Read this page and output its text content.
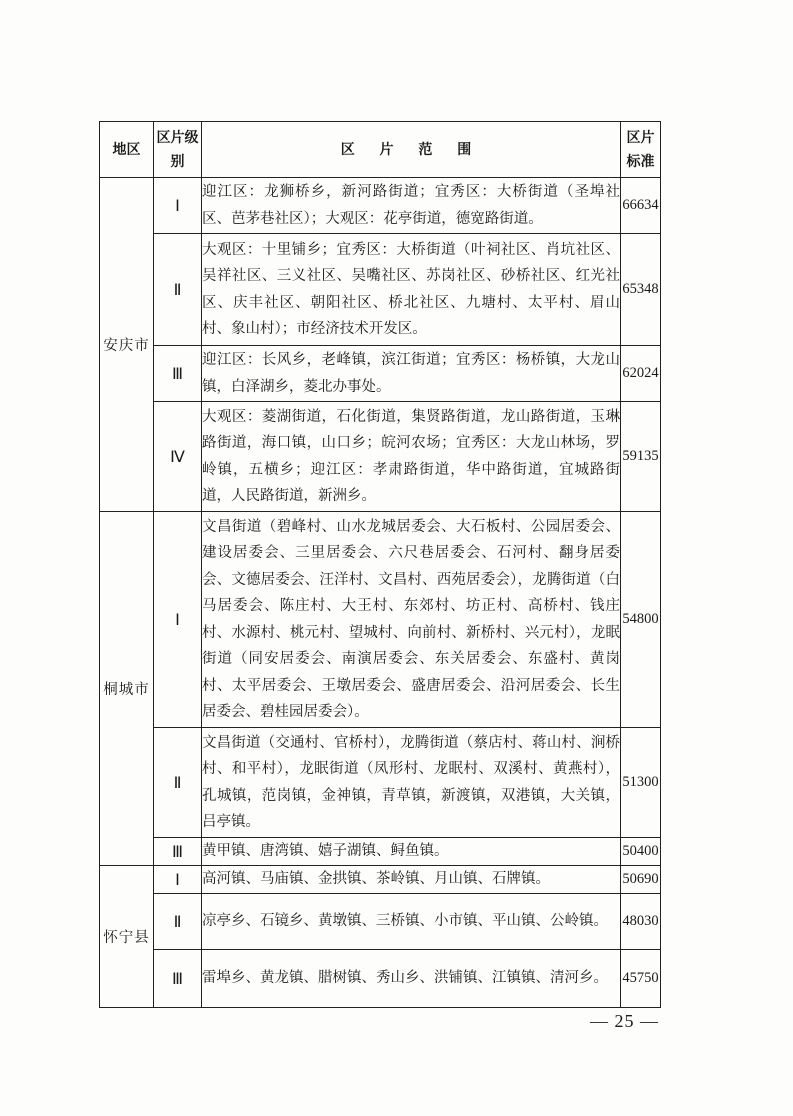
地区	区片级别	区 片 范 围	区片标准
安庆市	Ⅰ	迎江区：龙狮桥乡，新河路街道；宜秀区：大桥街道（圣埠社区、芭茅巷社区）；大观区：花亭街道，德宽路街道。	66634
	Ⅱ	大观区：十里铺乡；宜秀区：大桥街道（叶祠社区、肖坑社区、吴祥社区、三义社区、吴嘴社区、苏岗社区、砂桥社区、红光社区、庆丰社区、朝阳社区、桥北社区、九塘村、太平村、眉山村、象山村）；市经济技术开发区。	65348
	Ⅲ	迎江区：长风乡，老峰镇，滨江街道；宜秀区：杨桥镇，大龙山镇，白泽湖乡，菱北办事处。	62024
	Ⅳ	大观区：菱湖街道，石化街道，集贤路街道，龙山路街道，玉琳路街道，海口镇，山口乡；皖河农场；宜秀区：大龙山林场，罗岭镇，五横乡；迎江区：孝肃路街道，华中路街道，宜城路街道，人民路街道，新洲乡。	59135
桐城市	Ⅰ	文昌街道（碧峰村、山水龙城居委会、大石板村、公园居委会、建设居委会、三里居委会、六尺巷居委会、石河村、翻身居委会、文德居委会、汪洋村、文昌村、西苑居委会），龙腾街道（白马居委会、陈庄村、大王村、东郊村、坊正村、高桥村、钱庄村、水源村、桃元村、望城村、向前村、新桥村、兴元村），龙眠街道（同安居委会、南演居委会、东关居委会、东盛村、黄岗村、太平居委会、王墩居委会、盛唐居委会、沿河居委会、长生居委会、碧桂园居委会）。	54800
	Ⅱ	文昌街道（交通村、官桥村），龙腾街道（蔡店村、蒋山村、涧桥村、和平村），龙眠街道（凤形村、龙眠村、双溪村、黄燕村），孔城镇，范岗镇，金神镇，青草镇，新渡镇，双港镇，大关镇，吕亭镇。	51300
	Ⅲ	黄甲镇、唐湾镇、嬉子湖镇、鲟鱼镇。	50400
怀宁县	Ⅰ	高河镇、马庙镇、金拱镇、茶岭镇、月山镇、石牌镇。	50690
	Ⅱ	凉亭乡、石镜乡、黄墩镇、三桥镇、小市镇、平山镇、公岭镇。	48030
	Ⅲ	雷埠乡、黄龙镇、腊树镇、秀山乡、洪铺镇、江镇镇、清河乡。	45750
— 25 —
